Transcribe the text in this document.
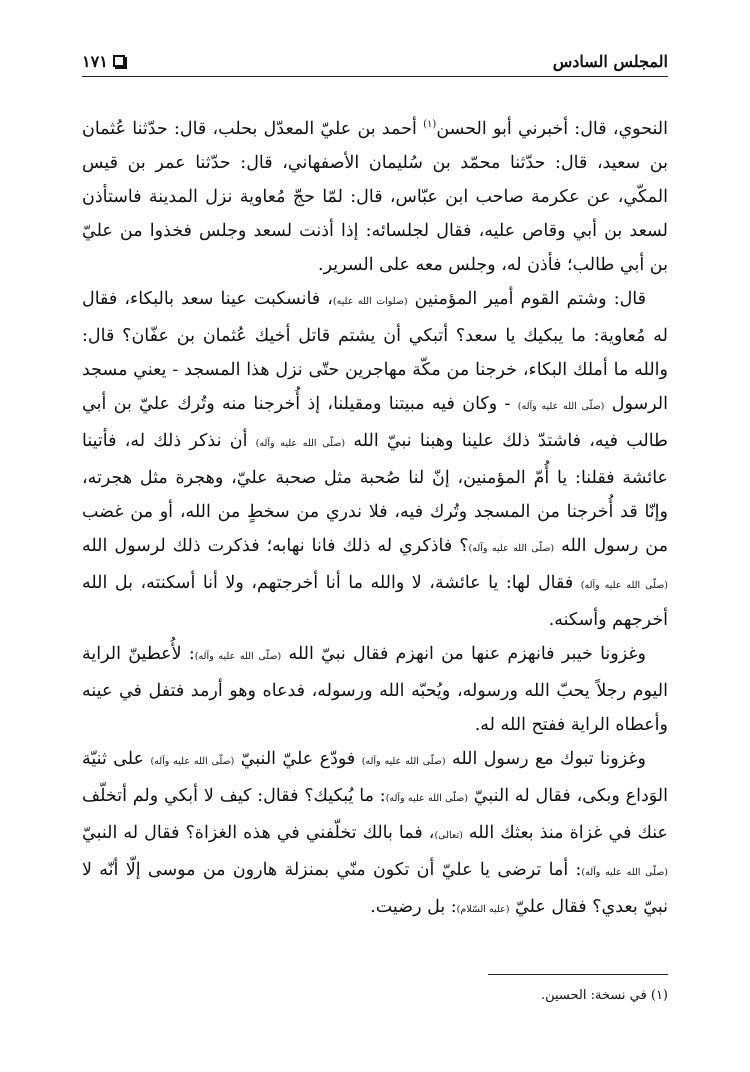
المجلس السادس
١٧١

النحوي، قال: أخبرني أبو الحسن$^{(١)}$ أحمد بن عليّ المعدّل بحلب، قال: حدّثنا عُثمان بن سعيد، قال: حدّثنا محمّد بن سُليمان الأصفهاني، قال: حدّثنا عمر بن قيس المكّي، عن عكرمة صاحب ابن عبّاس، قال: لمّا حجّ مُعاوية نزل المدينة فاستأذن لسعد بن أبي وقاص عليه، فقال لجلسائه: إذا أذنت لسعد وجلس فخذوا من عليّ بن أبي طالب؛ فأذن له، وجلس معه على السرير.

قال: وشتم القوم أمير المؤمنين (صلوات الله عليه)، فانسكبت عينا سعد بالبكاء، فقال له مُعاوية: ما يبكيك يا سعد؟ أتبكي أن يشتم قاتل أخيك عُثمان بن عفّان؟ قال: والله ما أملك البكاء، خرجنا من مكّة مهاجرين حتّى نزل هذا المسجد - يعني مسجد الرسول (صلّى الله عليه وآله) - وكان فيه مبيتنا ومقيلنا، إذ أُخرجنا منه وتُرك عليّ بن أبي طالب فيه، فاشتدّ ذلك علينا وهبنا نبيّ الله (صلّى الله عليه وآله) أن نذكر ذلك له، فأتينا عائشة فقلنا: يا أُمّ المؤمنين، إنّ لنا صُحبة مثل صحبة عليّ، وهجرة مثل هجرته، وإنّا قد أُخرجنا من المسجد وتُرك فيه، فلا ندري من سخطٍ من الله، أو من غضب من رسول الله (صلّى الله عليه وآله)؟ فاذكري له ذلك فانا نهابه؛ فذكرت ذلك لرسول الله (صلّى الله عليه وآله) فقال لها: يا عائشة، لا والله ما أنا أخرجتهم، ولا أنا أسكنته، بل الله أخرجهم وأسكنه.

وغزونا خيبر فانهزم عنها من انهزم فقال نبيّ الله (صلّى الله عليه وآله): لأُعطينّ الراية اليوم رجلاً يحبّ الله ورسوله، ويُحبّه الله ورسوله، فدعاه وهو أرمد فتفل في عينه وأعطاه الراية ففتح الله له.

وغزونا تبوك مع رسول الله (صلّى الله عليه وآله) فودّع عليّ النبيّ (صلّى الله عليه وآله) على ثنيّة الوَداع وبكى، فقال له النبيّ (صلّى الله عليه وآله): ما يُبكيك؟ فقال: كيف لا أبكي ولم أتخلّف عنك في غزاة منذ بعثك الله (تعالى)، فما بالك تخلّفني في هذه الغزاة؟ فقال له النبيّ (صلّى الله عليه وآله): أما ترضى يا عليّ أن تكون منّي بمنزلة هارون من موسى إلّا أنّه لا نبيّ بعدي؟ فقال عليّ (عليه السّلام): بل رضيت.

(١) في نسخة: الحسين.
